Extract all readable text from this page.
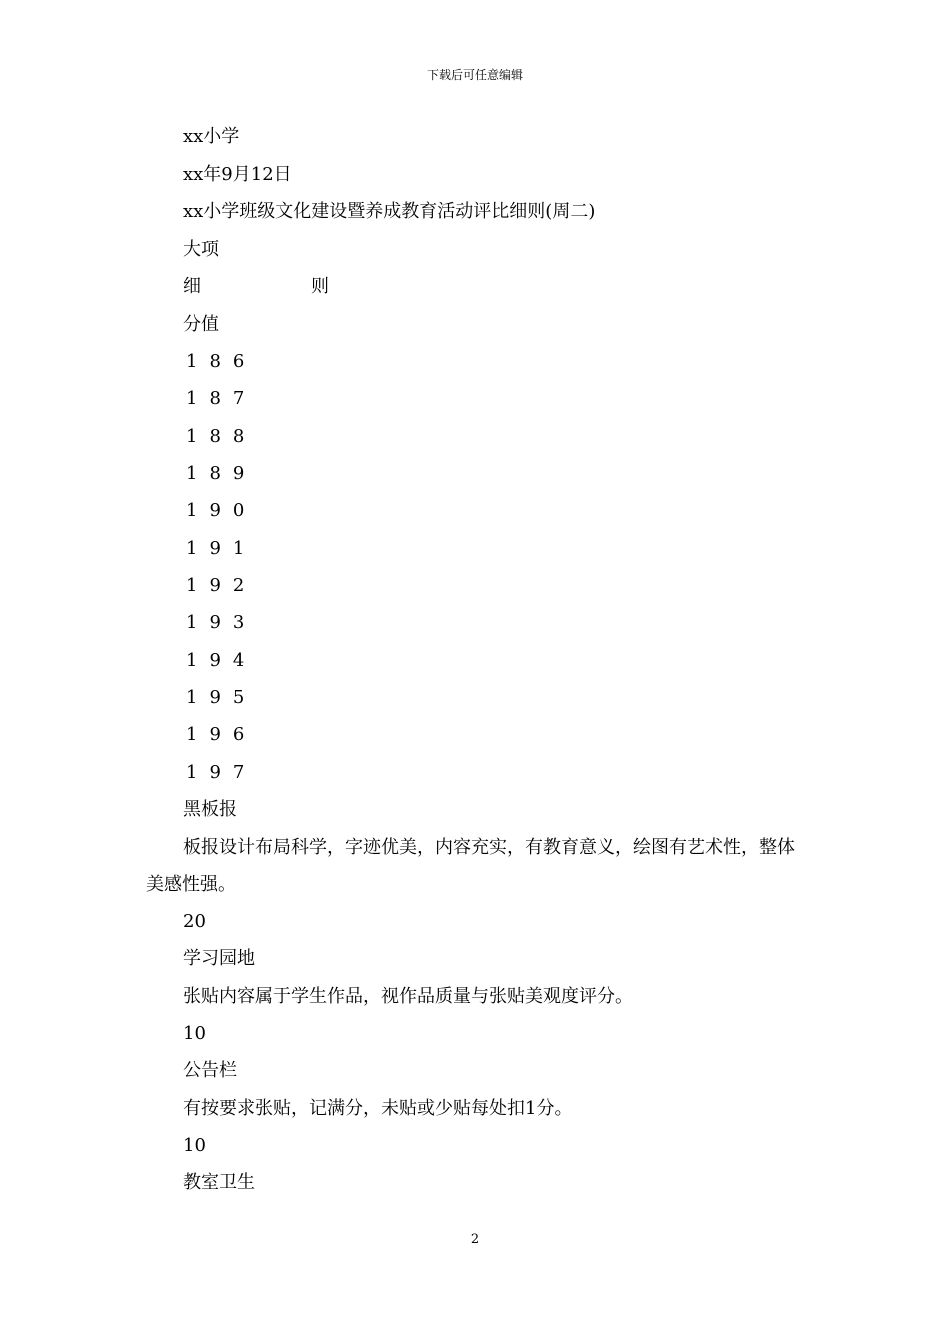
下载后可任意编辑
xx小学
xx年9月12日
xx小学班级文化建设暨养成教育活动评比细则(周二)
大项
细	则
分值
186
187
188
189
190
191
192
193
194
195
196
197
黑板报
板报设计布局科学，字迹优美，内容充实，有教育意义，绘图有艺术性，整体美感性强。
20
学习园地
张贴内容属于学生作品，视作品质量与张贴美观度评分。
10
公告栏
有按要求张贴，记满分，未贴或少贴每处扣1分。
10
教室卫生
2
